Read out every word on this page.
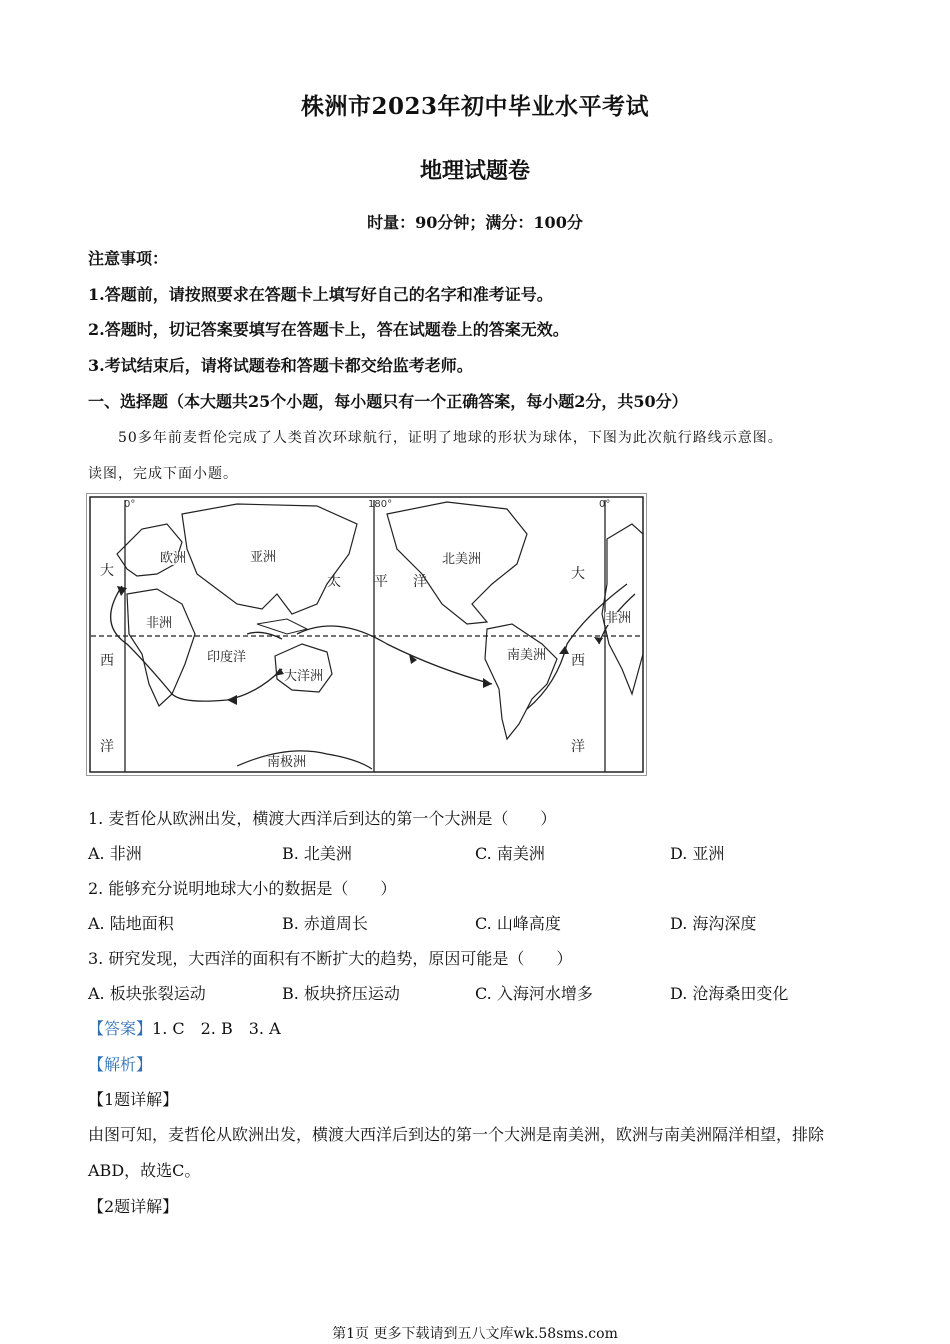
株洲市2023年初中毕业水平考试
地理试题卷
时量：90分钟；满分：100分
注意事项：
1.答题前，请按照要求在答题卡上填写好自己的名字和准考证号。
2.答题时，切记答案要填写在答题卡上，答在试题卷上的答案无效。
3.考试结束后，请将试题卷和答题卡都交给监考老师。
一、选择题（本大题共25个小题，每小题只有一个正确答案，每小题2分，共50分）
50多年前麦哲伦完成了人类首次环球航行，证明了地球的形状为球体，下图为此次航行路线示意图。
读图，完成下面小题。
0°	180°	0°
欧洲	亚洲
非洲
印度洋
大洋洲
南极洲
北美洲
南美洲
非洲
太 平 洋
大
西
洋
大
西
洋
1. 麦哲伦从欧洲出发，横渡大西洋后到达的第一个大洲是（　　）
A. 非洲	B. 北美洲	C. 南美洲	D. 亚洲
2. 能够充分说明地球大小的数据是（　　）
A. 陆地面积	B. 赤道周长	C. 山峰高度	D. 海沟深度
3. 研究发现，大西洋的面积有不断扩大的趋势，原因可能是（　　）
A. 板块张裂运动	B. 板块挤压运动	C. 入海河水增多	D. 沧海桑田变化
【答案】1. C　2. B　3. A
【解析】
【1题详解】
由图可知，麦哲伦从欧洲出发，横渡大西洋后到达的第一个大洲是南美洲，欧洲与南美洲隔洋相望，排除
ABD，故选C。
【2题详解】
第1页 更多下载请到五八文库wk.58sms.com
